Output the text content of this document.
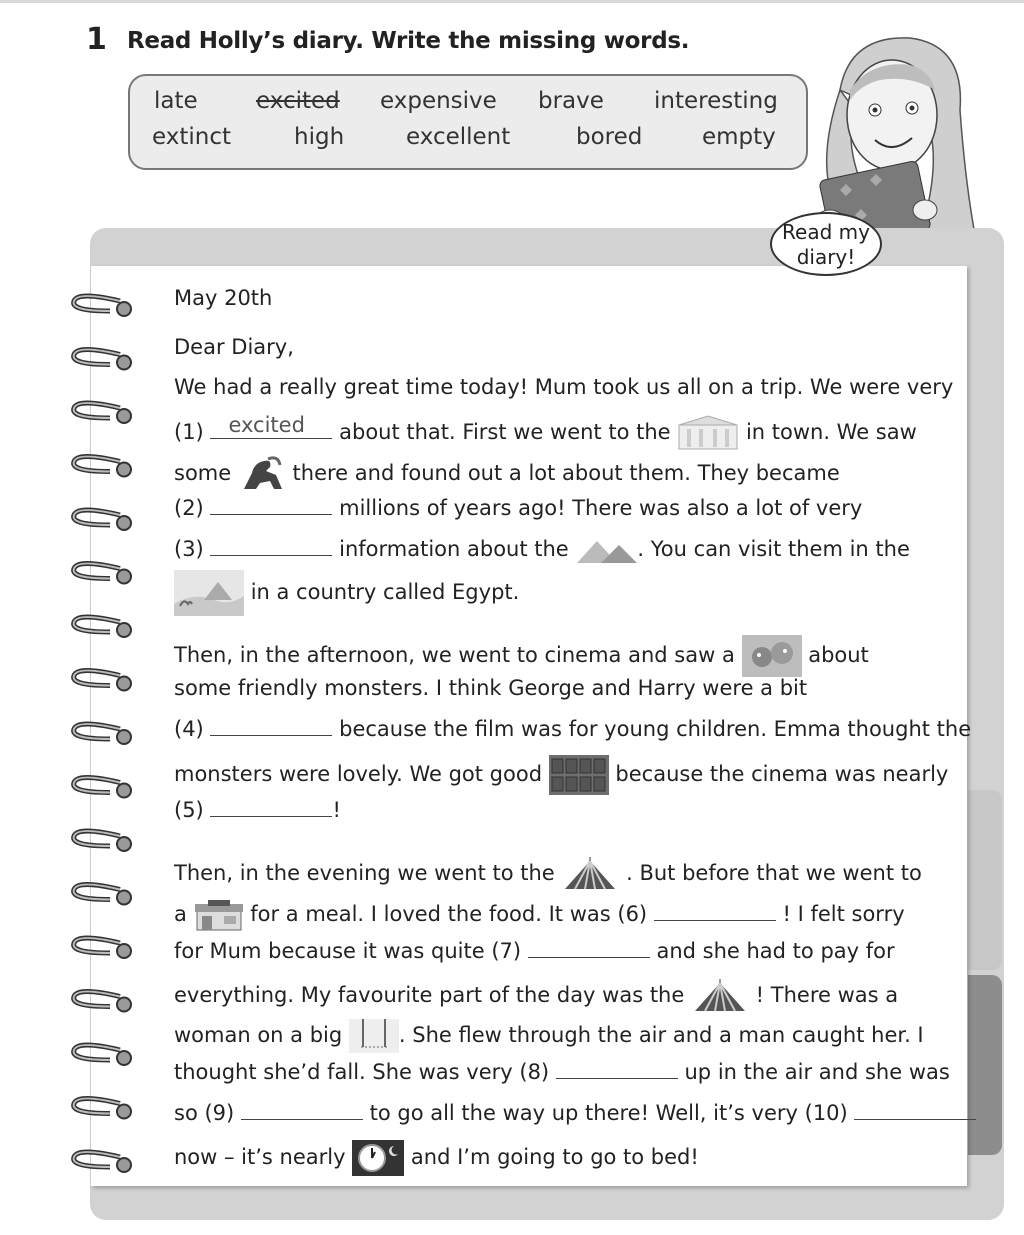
1 Read Holly’s diary. Write the missing words.
late	excited expensive brave interesting
extinct	high	excellent	bored	empty
Read my
diary!
May 20th
Dear Diary,
We had a really great time today! Mum took us all on a trip. We were very
(1) excited about that. First we went to the	in town. We saw
some	there and found out a lot about them. They became
(2)	millions of years ago! There was also a lot of very
(3)	information about the	. You can visit them in the
in a country called Egypt.
Then, in the afternoon, we went to cinema and saw a	about
some friendly monsters. I think George and Harry were a bit
(4)	because the film was for young children. Emma thought the
monsters were lovely. We got good	because the cinema was nearly
(5)	!
Then, in the evening we went to the	. But before that we went to
a	for a meal. I loved the food. It was (6)	! I felt sorry
for Mum because it was quite (7)	and she had to pay for
everything. My favourite part of the day was the	! There was a
woman on a big	. She flew through the air and a man caught her. I
thought she’d fall. She was very (8)	up in the air and she was
so (9)	to go all the way up there! Well, it’s very (10)
now – it’s nearly	and I’m going to go to bed!
